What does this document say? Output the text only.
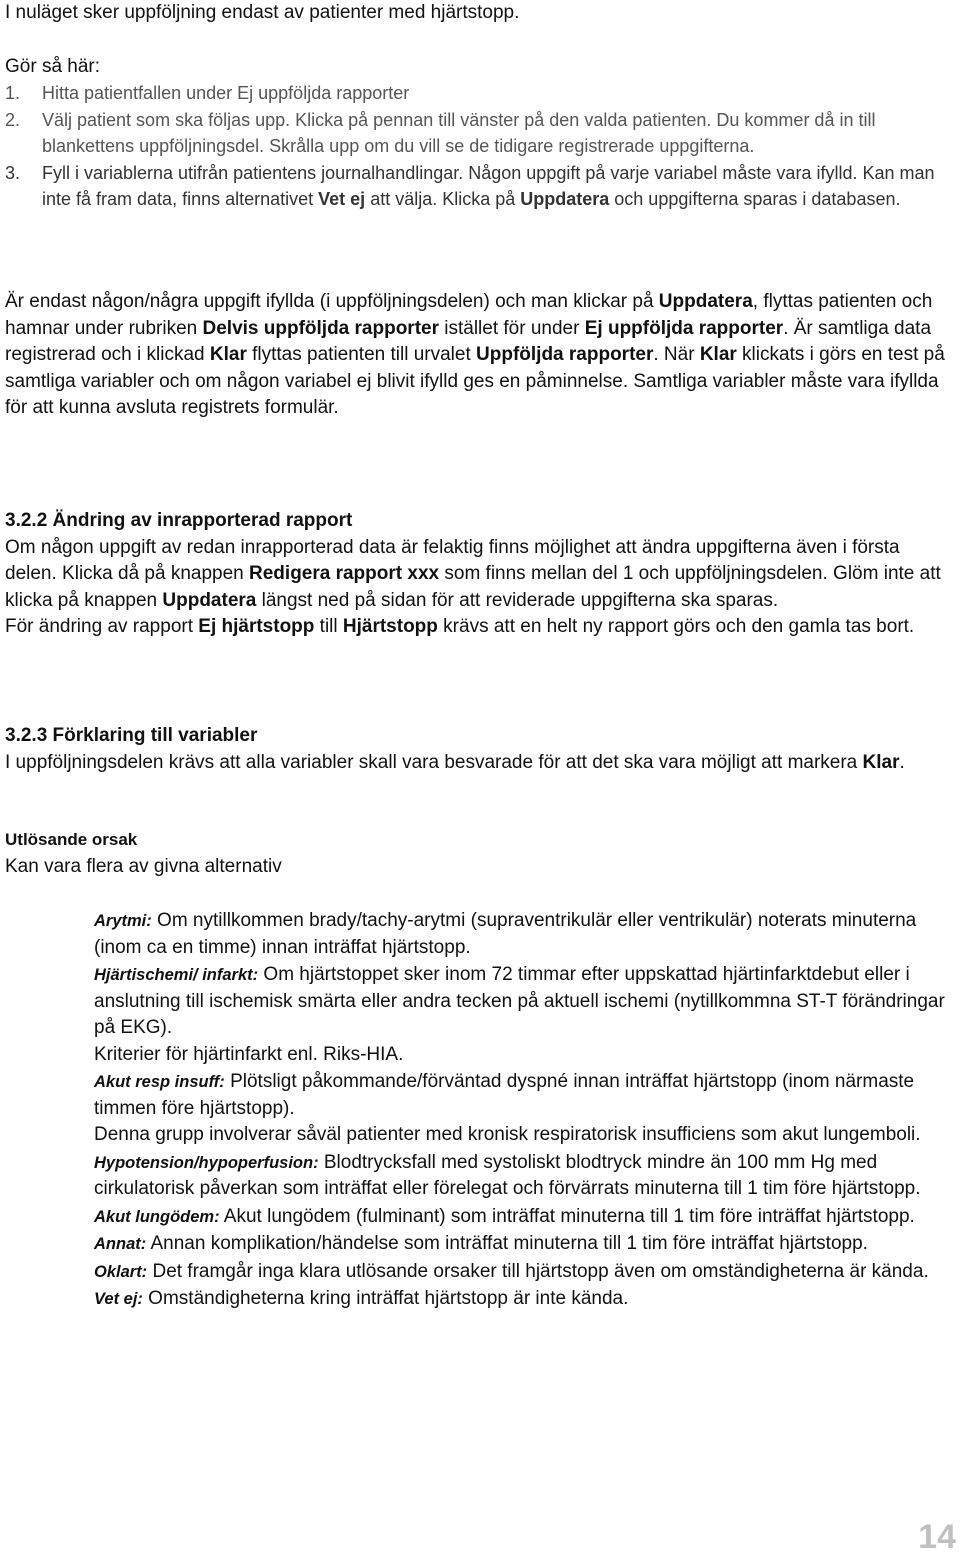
I nuläget sker uppföljning endast av patienter med hjärtstopp.

Gör så här:

1. Hitta patientfallen under Ej uppföljda rapporter
2. Välj patient som ska följas upp. Klicka på pennan till vänster på den valda patienten. Du kommer då in till blankettens uppföljningsdel. Skrålla upp om du vill se de tidigare registrerade uppgifterna.
3. Fyll i variablerna utifrån patientens journalhandlingar. Någon uppgift på varje variabel måste vara ifylld. Kan man inte få fram data, finns alternativet Vet ej att välja. Klicka på Uppdatera och uppgifterna sparas i databasen.

Är endast någon/några uppgift ifyllda (i uppföljningsdelen) och man klickar på Uppdatera, flyttas patienten och hamnar under rubriken Delvis uppföljda rapporter istället för under Ej uppföljda rapporter. Är samtliga data registrerad och i klickad Klar flyttas patienten till urvalet Uppföljda rapporter. När Klar klickats i görs en test på samtliga variabler och om någon variabel ej blivit ifylld ges en påminnelse. Samtliga variabler måste vara ifyllda för att kunna avsluta registrets formulär.

3.2.2 Ändring av inrapporterad rapport

Om någon uppgift av redan inrapporterad data är felaktig finns möjlighet att ändra uppgifterna även i första delen. Klicka då på knappen Redigera rapport xxx som finns mellan del 1 och uppföljningsdelen. Glöm inte att klicka på knappen Uppdatera längst ned på sidan för att reviderade uppgifterna ska sparas.

För ändring av rapport Ej hjärtstopp till Hjärtstopp krävs att en helt ny rapport görs och den gamla tas bort.

3.2.3 Förklaring till variabler

I uppföljningsdelen krävs att alla variabler skall vara besvarade för att det ska vara möjligt att markera Klar.

Utlösande orsak
Kan vara flera av givna alternativ

Arytmi: Om nytillkommen brady/tachy-arytmi (supraventrikulär eller ventrikulär) noterats minuterna (inom ca en timme) innan inträffat hjärtstopp.

Hjärtischemi/ infarkt: Om hjärtstoppet sker inom 72 timmar efter uppskattad hjärtinfarktdebut eller i anslutning till ischemisk smärta eller andra tecken på aktuell ischemi (nytillkommna ST-T förändringar på EKG).

Kriterier för hjärtinfarkt enl. Riks-HIA.

Akut resp insuff: Plötsligt påkommande/förväntad dyspné innan inträffat hjärtstopp (inom närmaste timmen före hjärtstopp).

Denna grupp involverar såväl patienter med kronisk respiratorisk insufficiens som akut lungemboli.

Hypotension/hypoperfusion: Blodtrycksfall med systoliskt blodtryck mindre än 100 mm Hg med cirkulatorisk påverkan som inträffat eller förelegat och förvärrats minuterna till 1 tim före hjärtstopp.

Akut lungödem: Akut lungödem (fulminant) som inträffat minuterna till 1 tim före inträffat hjärtstopp.

Annat: Annan komplikation/händelse som inträffat minuterna till 1 tim före inträffat hjärtstopp.

Oklart: Det framgår inga klara utlösande orsaker till hjärtstopp även om omständigheterna är kända.

Vet ej: Omständigheterna kring inträffat hjärtstopp är inte kända.

14
